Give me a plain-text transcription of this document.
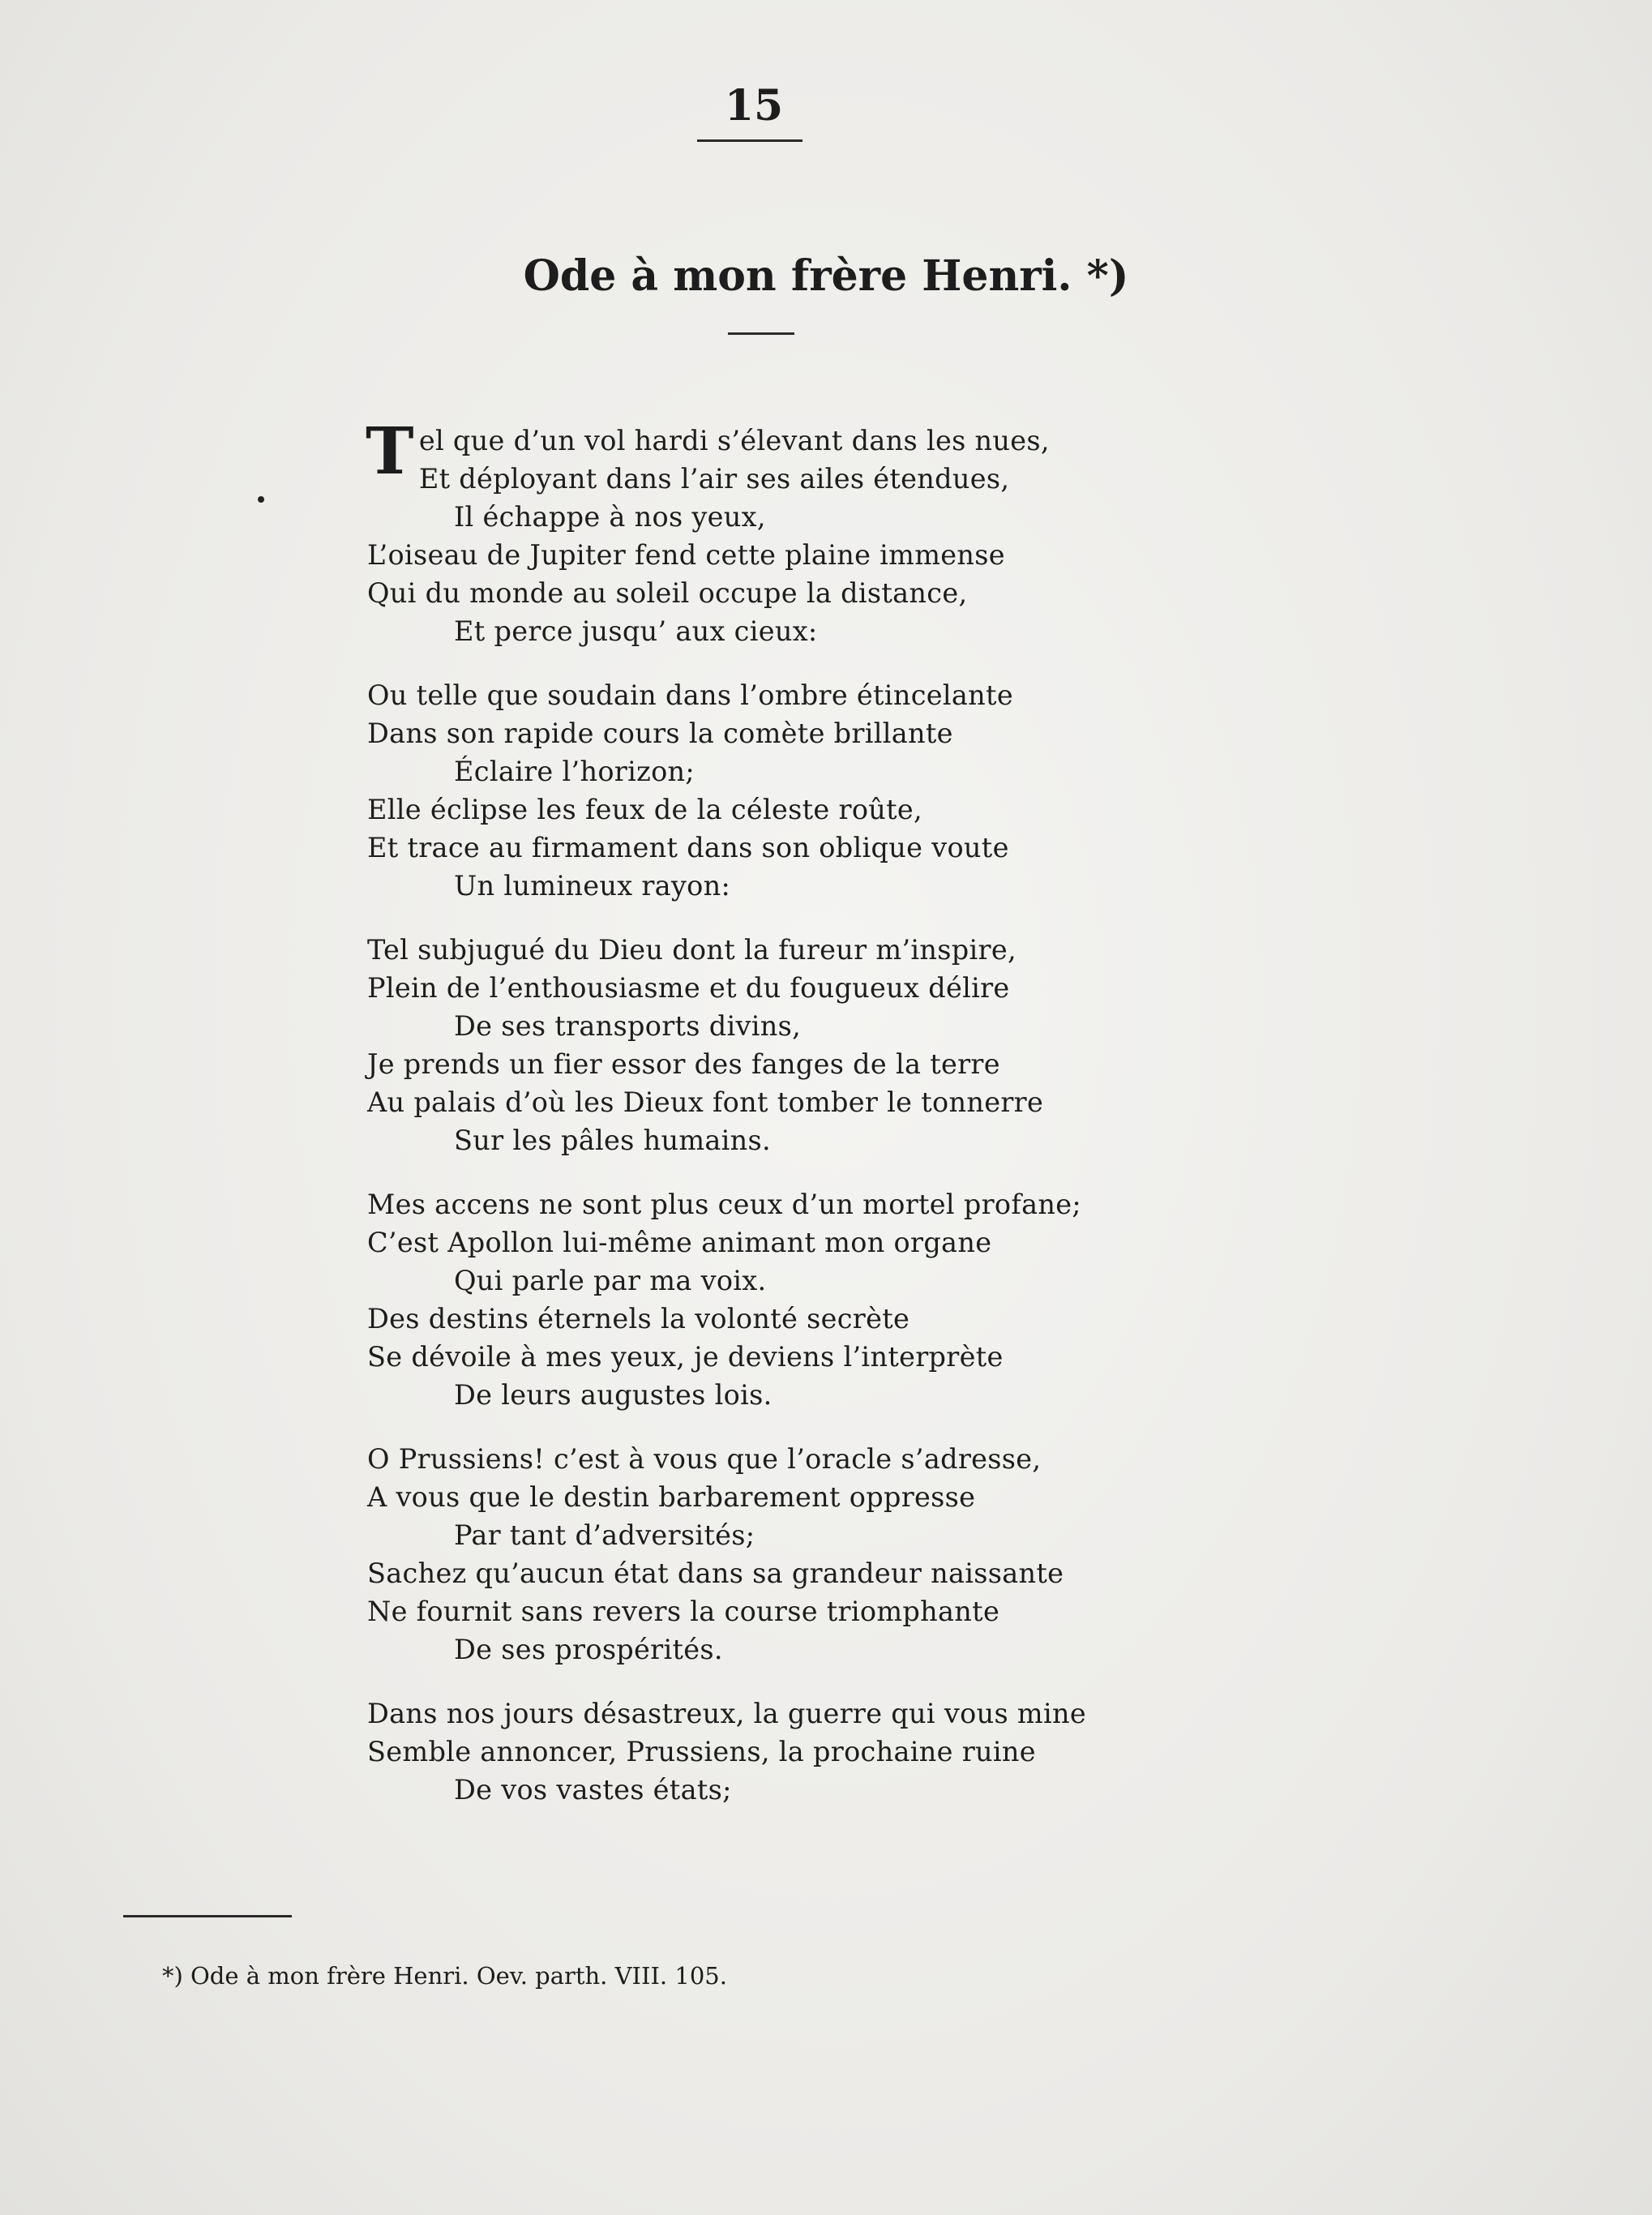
15
Ode à mon frère Henri. *)
Tel que d’un vol hardi s’élevant dans les nues,
Et déployant dans l’air ses ailes étendues,
Il échappe à nos yeux,
L’oiseau de Jupiter fend cette plaine immense
Qui du monde au soleil occupe la distance,
Et perce jusqu’ aux cieux:
Ou telle que soudain dans l’ombre étincelante
Dans son rapide cours la comète brillante
Éclaire l’horizon;
Elle éclipse les feux de la céleste roûte,
Et trace au firmament dans son oblique voute
Un lumineux rayon:
Tel subjugué du Dieu dont la fureur m’inspire,
Plein de l’enthousiasme et du fougueux délire
De ses transports divins,
Je prends un fier essor des fanges de la terre
Au palais d’où les Dieux font tomber le tonnerre
Sur les pâles humains.
Mes accens ne sont plus ceux d’un mortel profane;
C’est Apollon lui-même animant mon organe
Qui parle par ma voix.
Des destins éternels la volonté secrète
Se dévoile à mes yeux, je deviens l’interprète
De leurs augustes lois.
O Prussiens! c’est à vous que l’oracle s’adresse,
A vous que le destin barbarement oppresse
Par tant d’adversités;
Sachez qu’aucun état dans sa grandeur naissante
Ne fournit sans revers la course triomphante
De ses prospérités.
Dans nos jours désastreux, la guerre qui vous mine
Semble annoncer, Prussiens, la prochaine ruine
De vos vastes états;
*) Ode à mon frère Henri. Oev. parth. VIII. 105.
